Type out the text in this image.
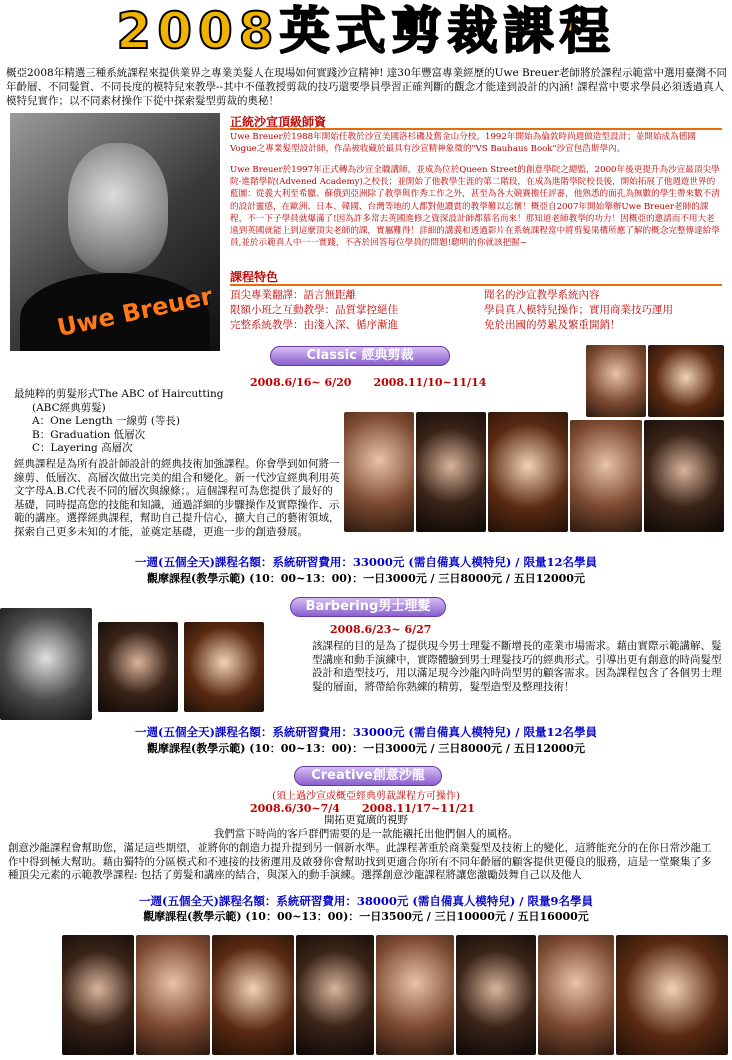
2008英式剪裁課程
概亞2008年精選三種系統課程來提供業界之專業美髮人在現場如何實踐沙宣精神! 達30年豐富專業經歷的Uwe Breuer老師將於課程示範當中選用臺灣不同年齡層、不同髮質、不同長度的模特兒來教學--其中不僅教授剪裁的技巧還要學員學習正確判斷的觀念才能達到設計的內涵! 課程當中要求學員必須透過真人模特兒實作；以不同素材操作下從中探索髮型剪裁的奧秘！
Uwe Breuer
正統沙宣頂級師資
Uwe Breuer於1988年開始任教於沙宣美國洛杉磯及舊金山分校。1992年開始為倫敦時尚週做造型設計；並開始成為德國Vogue之專業髮型設計師，作品被收藏於最具有沙宣精神象徵的"VS Bauhaus Book"沙宣包浩斯學內。
Uwe Breuer於1997年正式轉為沙宣全職講師，並成為位於Queen Street的創意學院之總監，2000年後更提升為沙宣最頂尖學院-進階學院(Advened Academy)之校長；並開始了他教學生涯的第二階段，在成為進階學院校長後，開始拓展了他週遊世界的藍圖：從義大利至希臘、蘇俄到亞洲除了教學與作秀工作之外，甚至為各大競賽擔任評審，他熟悉的面孔為無數的學生帶來數不清的設計靈感，在歐洲、日本、韓國、台灣等地的人都對他讚賞的教學難以忘懷！概亞自2007年開始舉辦Uwe Breuer老師的課程，不一下子學員就爆滿了!因為許多常去英國進修之資深設計師都慕名而來！那知道老師教學的功力！因概亞的邀請而不用大老遠到英國就能上到這麼頂尖老師的課，實屬難得！詳細的講義和透過影片在系統課程當中將剪髮果構所應了解的概念完整傳達給學員,並於示範真人中一一實踐，不吝於回答每位學員的問題!聰明的你就該把握~
課程特色
頂尖專業翻譯：語言無距離
限額小班之互動教學：品質掌控絕佳
完整系統教學：由淺入深、循序漸進
聞名的沙宣教學系統內容
學員真人模特兒操作；實用商業技巧運用
免於出國的勞累及繁重開銷！
Classic 經典剪裁
2008.6/16~ 6/20　　2008.11/10~11/14
最純粹的剪髮形式The ABC of Haircutting
(ABC經典剪髮)
A：One Length 一線剪 (等長)
B：Graduation 低層次
C：Layering 高層次
經典課程是為所有設計師設計的經典技術加強課程。你會學到如何將一線剪、低層次、高層次做出完美的組合和變化。新一代沙宣經典利用英文字母A.B.C代表不同的層次與線條；。這個課程可為您提供了最好的基礎，同時提高您的技能和知識，通過詳細的步驟操作及實際操作、示範的講座。選擇經典課程，幫助自己提升信心，擴大自己的藝術領域，探索自己更多未知的才能，並奠定基礎，更進一步的創造發展。
一週(五個全天)課程名額：系統研習費用：33000元 (需自備真人模特兒) / 限量12名學員
觀摩課程(教學示範) (10：00~13：00)：一日3000元 / 三日8000元 / 五日12000元
Barbering男士理髮
2008.6/23~ 6/27
該課程的目的是為了提供現今男士理髮不斷增長的產業市場需求。藉由實際示範講解、髮型講座和動手演練中，實際體驗到男士理髮技巧的經典形式。引導出更有創意的時尚髮型設計和造型技巧，用以滿足現今沙龍內時尚型男的顧客需求。因為課程包含了各個男士理髮的層面，將帶給你熟練的精剪，髮型造型及整理技術！
一週(五個全天)課程名額：系統研習費用：33000元 (需自備真人模特兒) / 限量12名學員
觀摩課程(教學示範) (10：00~13：00)：一日3000元 / 三日8000元 / 五日12000元
Creative創意沙龍
(須上過沙宣或概亞經典剪裁課程方可操作)
2008.6/30~7/4　　2008.11/17~11/21
開拓更寬廣的視野
我們當下時尚的客戶群們需要的是一款能襯托出他們個人的風格。
創意沙龍課程會幫助您，滿足這些期望，並將你的創造力提升提到另一個新水準。此課程著重於商業髮型及技術上的變化，這將能充分的在你日常沙龍工作中得到極大幫助。藉由獨特的分區模式和不連接的技術運用及啟發你會幫助找到更適合你所有不同年齡層的顧客提供更優良的服務，這是一堂聚集了多種頂尖元素的示範教學課程: 包括了剪髮和講座的結合，與深入的動手演練。選擇創意沙龍課程將讓您激勵鼓舞自己以及他人
一週(五個全天)課程名額：系統研習費用：38000元 (需自備真人模特兒) / 限量9名學員
觀摩課程(教學示範) (10：00~13：00)：一日3500元 / 三日10000元 / 五日16000元
